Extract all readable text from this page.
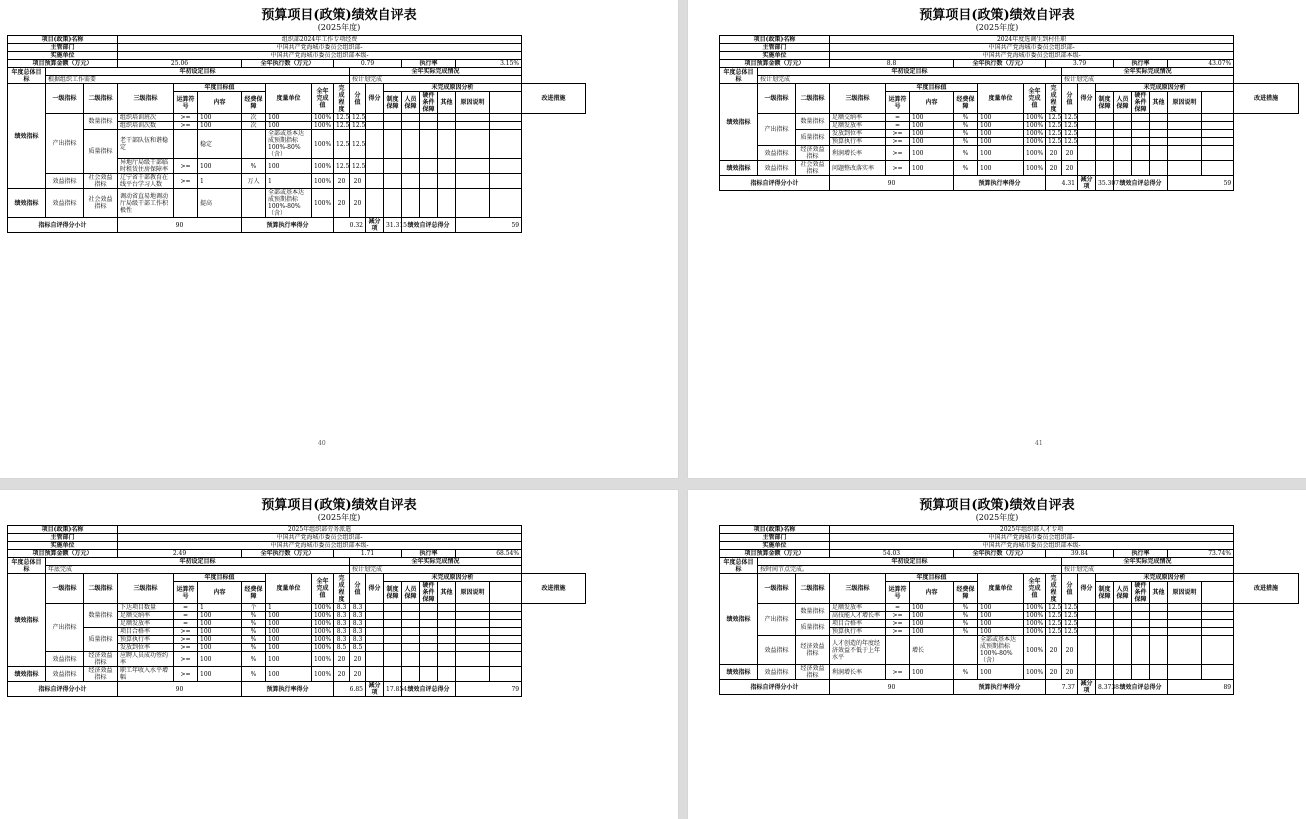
预算项目(政策)绩效自评表
(2025年度)
项目(政策)名称			组织部2024年工作专项经费															
主管部门			中国共产党海城市委员会组织部-															
实施单位			中国共产党海城市委员会组织部本级-															
项目预算金额（万元）			25.06			全年执行数（万元）			0.79				执行率			3.15%		
年度总体目标	年初设定目标									全年实际完成情况								
	根据组织工作需要									按计划完成								
绩效指标	一级指标	二级指标	三级指标	年度目标值			度量单位	全年完成值	完成程度	分值	得分	未完成原因分析						改进措施
				运算符号	内容	经费保障						制度保障	人员保障	硬件条件保障	其他	原因说明		
	产出指标	数量指标	组织培训班次	>=	100	次	100	100%	12.5	12.5								
			组织培训次数	>=	100	次	100	100%	12.5	12.5								
		质量指标	老干部队伍和谐稳定		稳定		全部或基本达成预期指标100%-80%（含）	100%	12.5	12.5								
			异地厅局级干部临时租赁住房保障率	>=	100	%	100	100%	12.5	12.5								
	效益指标	社会效益指标	辽宁省干部教育在线平台学习人数	>=	1	万人	1	100%	20	20								
绩效指标	效益指标	社会效益指标	调动省直易地调动厅局级干部工作积极性		提高		全部或基本达成预期指标100%-80%（含）	100%	20	20								
指标自评得分小计			90			预算执行率得分			0.32		减分项	31.315	绩效自评总得分			59		
40
预算项目(政策)绩效自评表
(2025年度)
项目(政策)名称			2024年度选调生到村任职															
主管部门			中国共产党海城市委员会组织部-															
实施单位			中国共产党海城市委员会组织部本级-															
项目预算金额（万元）			8.8			全年执行数（万元）			3.79				执行率			43.07%		
年度总体目标	年初设定目标									全年实际完成情况								
	按计划完成									按计划完成								
绩效指标	一级指标	二级指标	三级指标	年度目标值			度量单位	全年完成值	完成程度	分值	得分	未完成原因分析						改进措施
				运算符号	内容	经费保障						制度保障	人员保障	硬件条件保障	其他	原因说明		
	产出指标	数量指标	足额交纳率	=	100	%	100	100%	12.5	12.5								
			足额发放率	=	100	%	100	100%	12.5	12.5								
		质量指标	发放到位率	>=	100	%	100	100%	12.5	12.5								
			预算执行率	>=	100	%	100	100%	12.5	12.5								
	效益指标	经济效益指标	利润增长率	>=	100	%	100	100%	20	20								
绩效指标	效益指标	社会效益指标	问题整改落实率	>=	100	%	100	100%	20	20								
指标自评得分小计			90			预算执行率得分			4.31		减分项	35.307	绩效自评总得分			59		
41
预算项目(政策)绩效自评表
(2025年度)
项目(政策)名称			2025年组织部劳务派遣															
主管部门			中国共产党海城市委员会组织部-															
实施单位			中国共产党海城市委员会组织部本级-															
项目预算金额（万元）			2.49			全年执行数（万元）			1.71				执行率			68.54%		
年度总体目标	年初设定目标									全年实际完成情况								
	年底完成									按计划完成								
绩效指标	一级指标	二级指标	三级指标	年度目标值			度量单位	全年完成值	完成程度	分值	得分	未完成原因分析						改进措施
				运算符号	内容	经费保障						制度保障	人员保障	硬件条件保障	其他	原因说明		
	产出指标	数量指标	下达项目数量	=	1	个	1	100%	8.3	8.3								
			足额交纳率	=	100	%	100	100%	8.3	8.3								
			足额发放率	=	100	%	100	100%	8.3	8.3								
		质量指标	项目合格率	>=	100	%	100	100%	8.3	8.3								
			预算执行率	>=	100	%	100	100%	8.3	8.3								
			发放到位率	>=	100	%	100	100%	8.5	8.5								
	效益指标	经济效益指标	应聘人员成功签约率	>=	100	%	100	100%	20	20								
绩效指标	效益指标	经济效益指标	职工年收入水平增幅	>=	100	%	100	100%	20	20								
指标自评得分小计			90			预算执行率得分			6.85		减分项	17.854	绩效自评总得分			79		
预算项目(政策)绩效自评表
(2025年度)
项目(政策)名称			2025年组织部人才专项															
主管部门			中国共产党海城市委员会组织部-															
实施单位			中国共产党海城市委员会组织部本级-															
项目预算金额（万元）			54.03			全年执行数（万元）			39.84				执行率			73.74%		
年度总体目标	年初设定目标									全年实际完成情况								
	按时间节点完成。									按计划完成								
绩效指标	一级指标	二级指标	三级指标	年度目标值			度量单位	全年完成值	完成程度	分值	得分	未完成原因分析						改进措施
				运算符号	内容	经费保障						制度保障	人员保障	硬件条件保障	其他	原因说明		
	产出指标	数量指标	足额发放率	=	100	%	100	100%	12.5	12.5								
			高技能人才增长率	>=	100	%	100	100%	12.5	12.5								
		质量指标	项目合格率	>=	100	%	100	100%	12.5	12.5								
			预算执行率	>=	100	%	100	100%	12.5	12.5								
	效益指标	经济效益指标	人才创造的年度经济效益不低于上年水平		增长		全部或基本达成预期指标100%-80%（含）	100%	20	20								
绩效指标	效益指标	经济效益指标	利润增长率	>=	100	%	100	100%	20	20								
指标自评得分小计			90			预算执行率得分			7.37		减分项	8.3738	绩效自评总得分			89		
